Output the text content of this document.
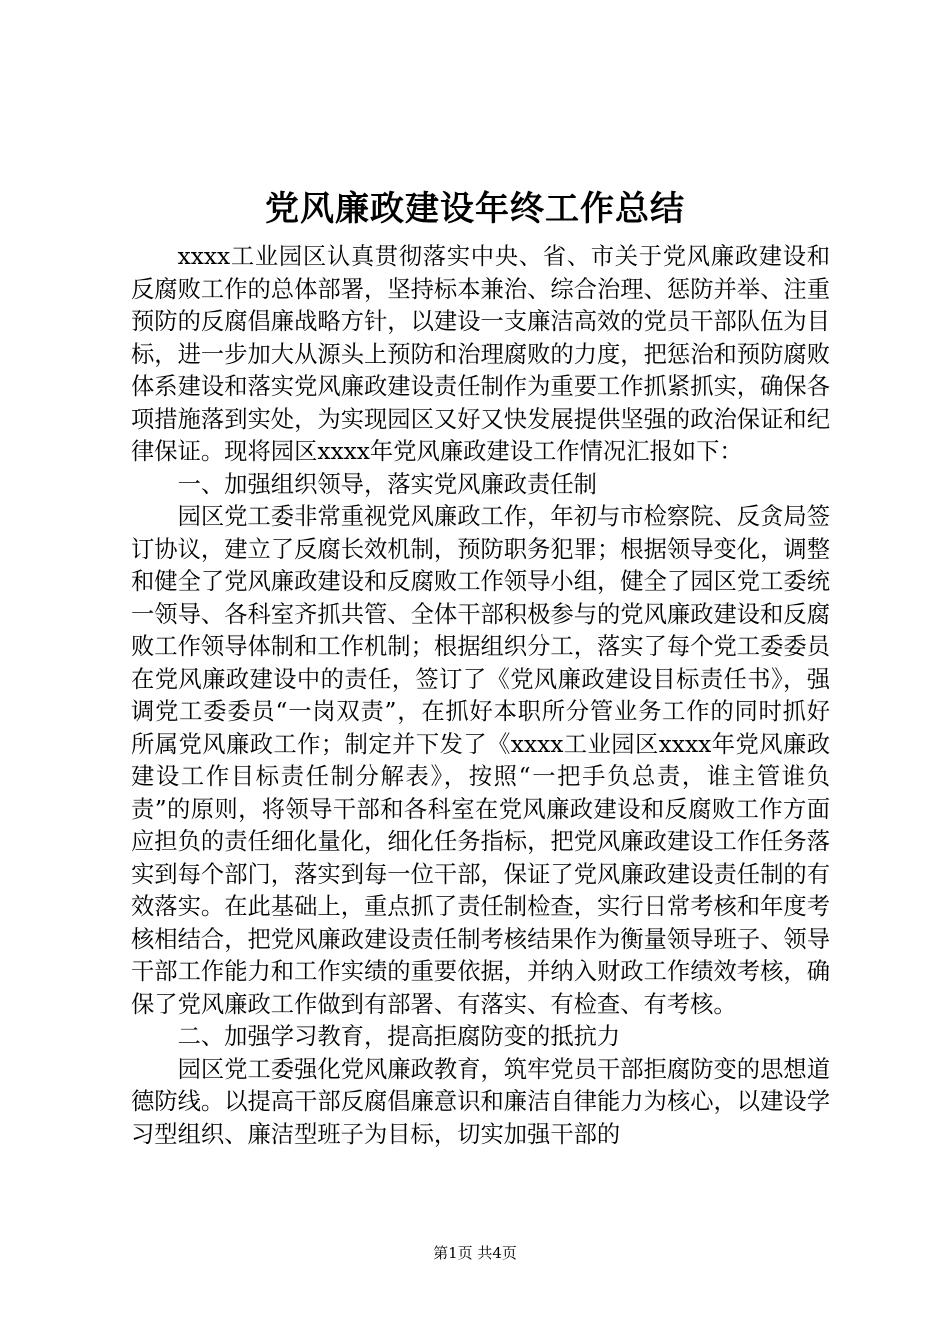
党风廉政建设年终工作总结

xxxx工业园区认真贯彻落实中央、省、市关于党风廉政建设和反腐败工作的总体部署，坚持标本兼治、综合治理、惩防并举、注重预防的反腐倡廉战略方针，以建设一支廉洁高效的党员干部队伍为目标，进一步加大从源头上预防和治理腐败的力度，把惩治和预防腐败体系建设和落实党风廉政建设责任制作为重要工作抓紧抓实，确保各项措施落到实处，为实现园区又好又快发展提供坚强的政治保证和纪律保证。现将园区xxxx年党风廉政建设工作情况汇报如下：

一、加强组织领导，落实党风廉政责任制

园区党工委非常重视党风廉政工作，年初与市检察院、反贪局签订协议，建立了反腐长效机制，预防职务犯罪；根据领导变化，调整和健全了党风廉政建设和反腐败工作领导小组，健全了园区党工委统一领导、各科室齐抓共管、全体干部积极参与的党风廉政建设和反腐败工作领导体制和工作机制；根据组织分工，落实了每个党工委委员在党风廉政建设中的责任，签订了《党风廉政建设目标责任书》，强调党工委委员“一岗双责”，在抓好本职所分管业务工作的同时抓好所属党风廉政工作；制定并下发了《xxxx工业园区xxxx年党风廉政建设工作目标责任制分解表》，按照“一把手负总责，谁主管谁负责”的原则，将领导干部和各科室在党风廉政建设和反腐败工作方面应担负的责任细化量化，细化任务指标，把党风廉政建设工作任务落实到每个部门，落实到每一位干部，保证了党风廉政建设责任制的有效落实。在此基础上，重点抓了责任制检查，实行日常考核和年度考核相结合，把党风廉政建设责任制考核结果作为衡量领导班子、领导干部工作能力和工作实绩的重要依据，并纳入财政工作绩效考核，确保了党风廉政工作做到有部署、有落实、有检查、有考核。

二、加强学习教育，提高拒腐防变的抵抗力

园区党工委强化党风廉政教育，筑牢党员干部拒腐防变的思想道德防线。以提高干部反腐倡廉意识和廉洁自律能力为核心，以建设学习型组织、廉洁型班子为目标，切实加强干部的

第1页 共4页
